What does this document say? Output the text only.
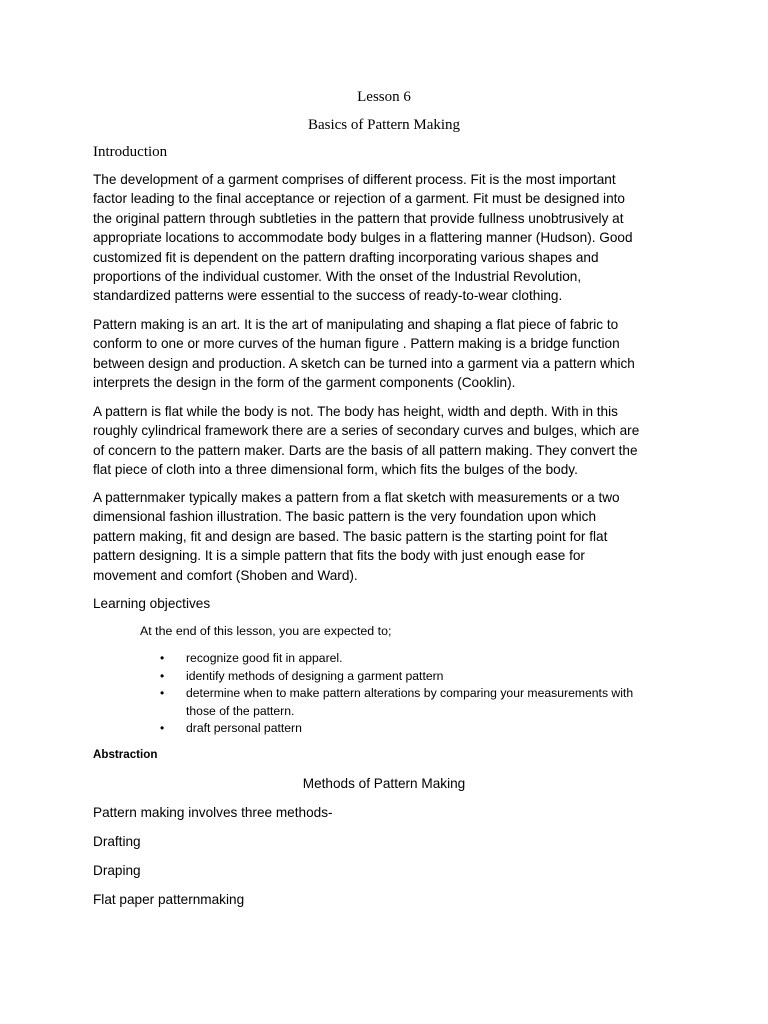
Lesson 6
Basics of Pattern Making
Introduction

The development of a garment comprises of different process. Fit is the most important
factor leading to the final acceptance or rejection of a garment. Fit must be designed into
the original pattern through subtleties in the pattern that provide fullness unobtrusively at
appropriate locations to accommodate body bulges in a flattering manner (Hudson). Good
customized fit is dependent on the pattern drafting incorporating various shapes and
proportions of the individual customer. With the onset of the Industrial Revolution,
standardized patterns were essential to the success of ready-to-wear clothing.

Pattern making is an art. It is the art of manipulating and shaping a flat piece of fabric to
conform to one or more curves of the human figure . Pattern making is a bridge function
between design and production. A sketch can be turned into a garment via a pattern which
interprets the design in the form of the garment components (Cooklin).

A pattern is flat while the body is not. The body has height, width and depth. With in this
roughly cylindrical framework there are a series of secondary curves and bulges, which are
of concern to the pattern maker. Darts are the basis of all pattern making. They convert the
flat piece of cloth into a three dimensional form, which fits the bulges of the body.

A patternmaker typically makes a pattern from a flat sketch with measurements or a two
dimensional fashion illustration. The basic pattern is the very foundation upon which
pattern making, fit and design are based. The basic pattern is the starting point for flat
pattern designing. It is a simple pattern that fits the body with just enough ease for
movement and comfort (Shoben and Ward).

Learning objectives
At the end of this lesson, you are expected to;
• recognize good fit in apparel.
• identify methods of designing a garment pattern
• determine when to make pattern alterations by comparing your measurements with
those of the pattern.
• draft personal pattern
Abstraction
Methods of Pattern Making
Pattern making involves three methods-
Drafting
Draping
Flat paper patternmaking
